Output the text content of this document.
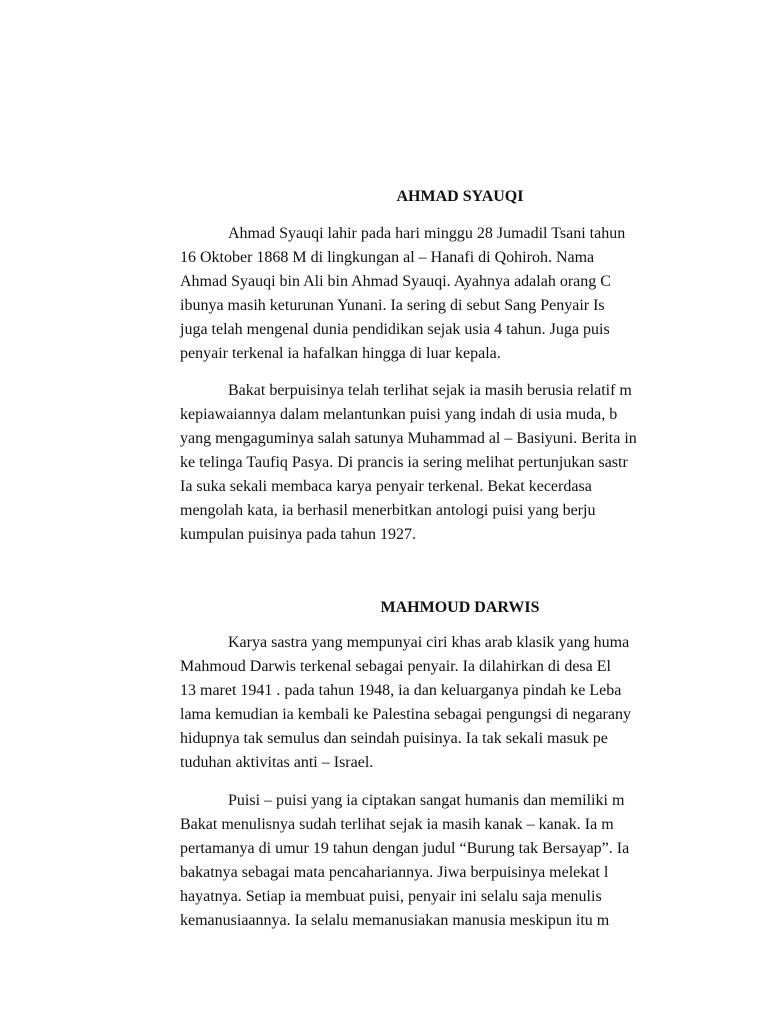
AHMAD SYAUQI
Ahmad Syauqi lahir pada hari minggu 28 Jumadil Tsani tahun
16 Oktober 1868 M di lingkungan al – Hanafi di Qohiroh. Nama
Ahmad Syauqi bin Ali bin Ahmad Syauqi. Ayahnya adalah orang C
ibunya masih keturunan Yunani. Ia sering di sebut Sang Penyair Is
juga telah mengenal dunia pendidikan sejak usia 4 tahun. Juga puis
penyair terkenal ia hafalkan hingga di luar kepala.
Bakat berpuisinya telah terlihat sejak ia masih berusia relatif m
kepiawaiannya dalam melantunkan puisi yang indah di usia muda, b
yang mengaguminya salah satunya Muhammad al – Basiyuni. Berita in
ke telinga Taufiq Pasya. Di prancis ia sering melihat pertunjukan sastr
Ia suka sekali membaca karya penyair terkenal. Bekat kecerdasa
mengolah kata, ia berhasil menerbitkan antologi puisi yang berju
kumpulan puisinya pada tahun 1927.
MAHMOUD DARWIS
Karya sastra yang mempunyai ciri khas arab klasik yang huma
Mahmoud Darwis terkenal sebagai penyair. Ia dilahirkan di desa El
13 maret 1941 . pada tahun 1948, ia dan keluarganya pindah ke Leba
lama kemudian ia kembali ke Palestina sebagai pengungsi di negarany
hidupnya tak semulus dan seindah puisinya. Ia tak sekali masuk pe
tuduhan aktivitas anti – Israel.
Puisi – puisi yang ia ciptakan sangat humanis dan memiliki m
Bakat menulisnya sudah terlihat sejak ia masih kanak – kanak. Ia m
pertamanya di umur 19 tahun dengan judul “Burung tak Bersayap”. Ia
bakatnya sebagai mata pencahariannya. Jiwa berpuisinya melekat l
hayatnya. Setiap ia membuat puisi, penyair ini selalu saja menulis
kemanusiaannya. Ia selalu memanusiakan manusia meskipun itu m
